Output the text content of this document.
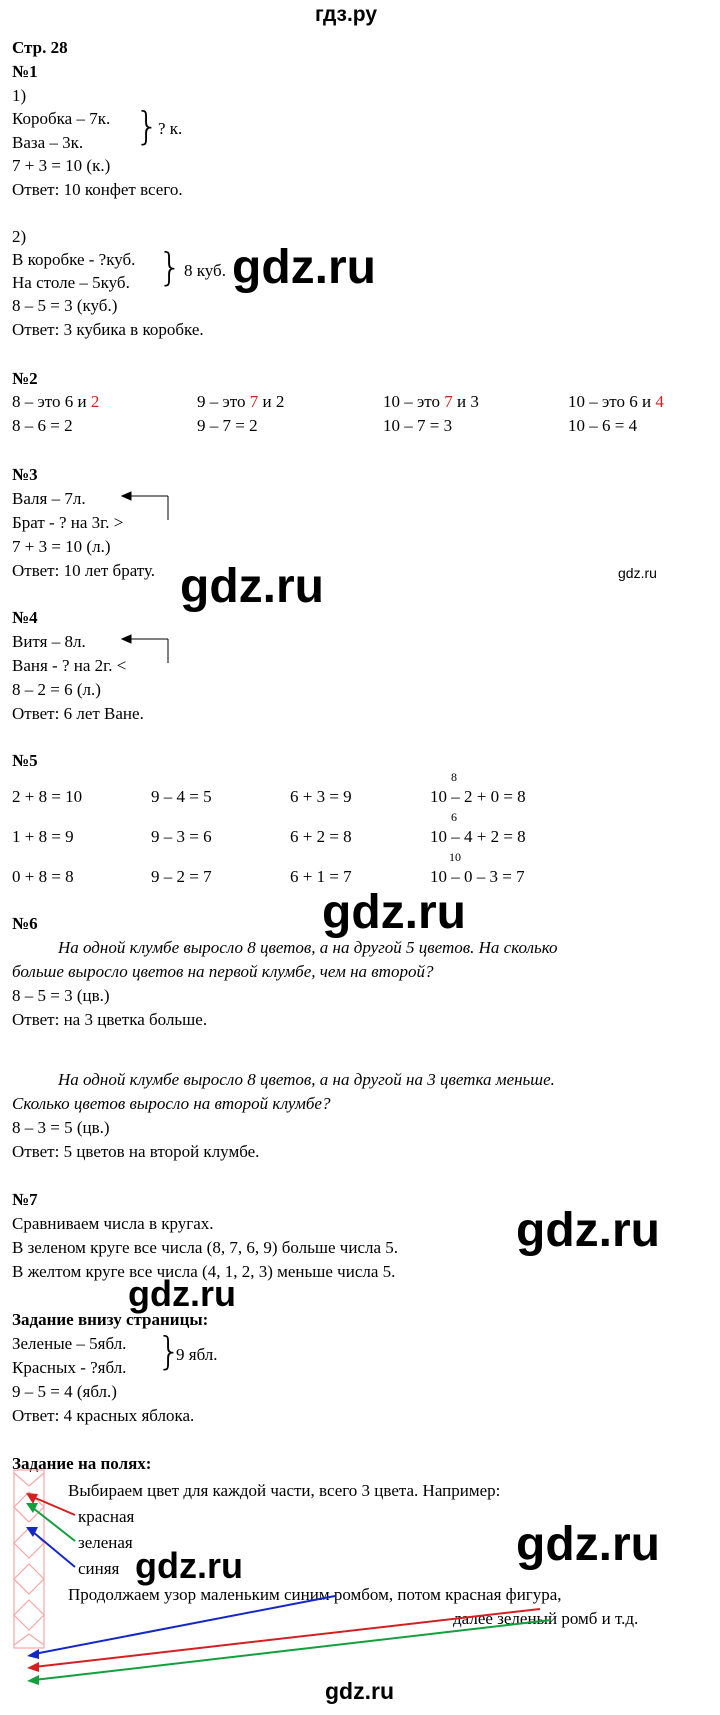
гдз.ру
Стр. 28
№1
1)
Коробка – 7к.
Ваза – 3к. }
? к.
7 + 3 = 10 (к.)
Ответ: 10 конфет всего.
2)
В коробке - ?куб.
На столе – 5куб. } 8 куб.
8 – 5 = 3 (куб.)
Ответ: 3 кубика в коробке.
gdz.ru
№2
8 – это 6 и 2	9 – это 7 и 2	10 – это 7 и 3	10 – это 6 и 4
8 – 6 = 2	9 – 7 = 2	10 – 7 = 3	10 – 6 = 4
№3
Валя – 7л.
Брат - ? на 3г. >
7 + 3 = 10 (л.)
Ответ: 10 лет брату. gdz.ru	gdz.ru
№4
Витя – 8л.
Ваня - ? на 2г. <
8 – 2 = 6 (л.)
Ответ: 6 лет Ване.
№5
2 + 8 = 10	9 – 4 = 5	6 + 3 = 9	10 – 2 + 0 = 8
1 + 8 = 9	9 – 3 = 6	6 + 2 = 8	10 – 4 + 2 = 8
0 + 8 = 8	9 – 2 = 7	6 + 1 = 7	10 – 0 – 3 = 7
8
6
10
№6
На одной клумбе выросло 8 цветов, а на другой 5 цветов. На сколько
больше выросло цветов на первой клумбе, чем на второй?
8 – 5 = 3 (цв.)
Ответ: на 3 цветка больше.
gdz.ru
На одной клумбе выросло 8 цветов, а на другой на 3 цветка меньше.
Сколько цветов выросло на второй клумбе?
8 – 3 = 5 (цв.)
Ответ: 5 цветов на второй клумбе.
№7
Сравниваем числа в кругах.
В зеленом круге все числа (8, 7, 6, 9) больше числа 5.
В желтом круге все числа (4, 1, 2, 3) меньше числа 5.
gdz.ru
gdz.ru
Задание внизу страницы:
Зеленые – 5ябл.
Красных - ?ябл. }
9 ябл.
9 – 5 = 4 (ябл.)
Ответ: 4 красных яблока.
Задание на полях:
Выбираем цвет для каждой части, всего 3 цвета. Например:
красная
зеленая
синяя
Продолжаем узор маленьким синим ромбом, потом красная фигура,
далее зеленый ромб и т.д.
gdz.ru	gdz.ru
gdz.ru
